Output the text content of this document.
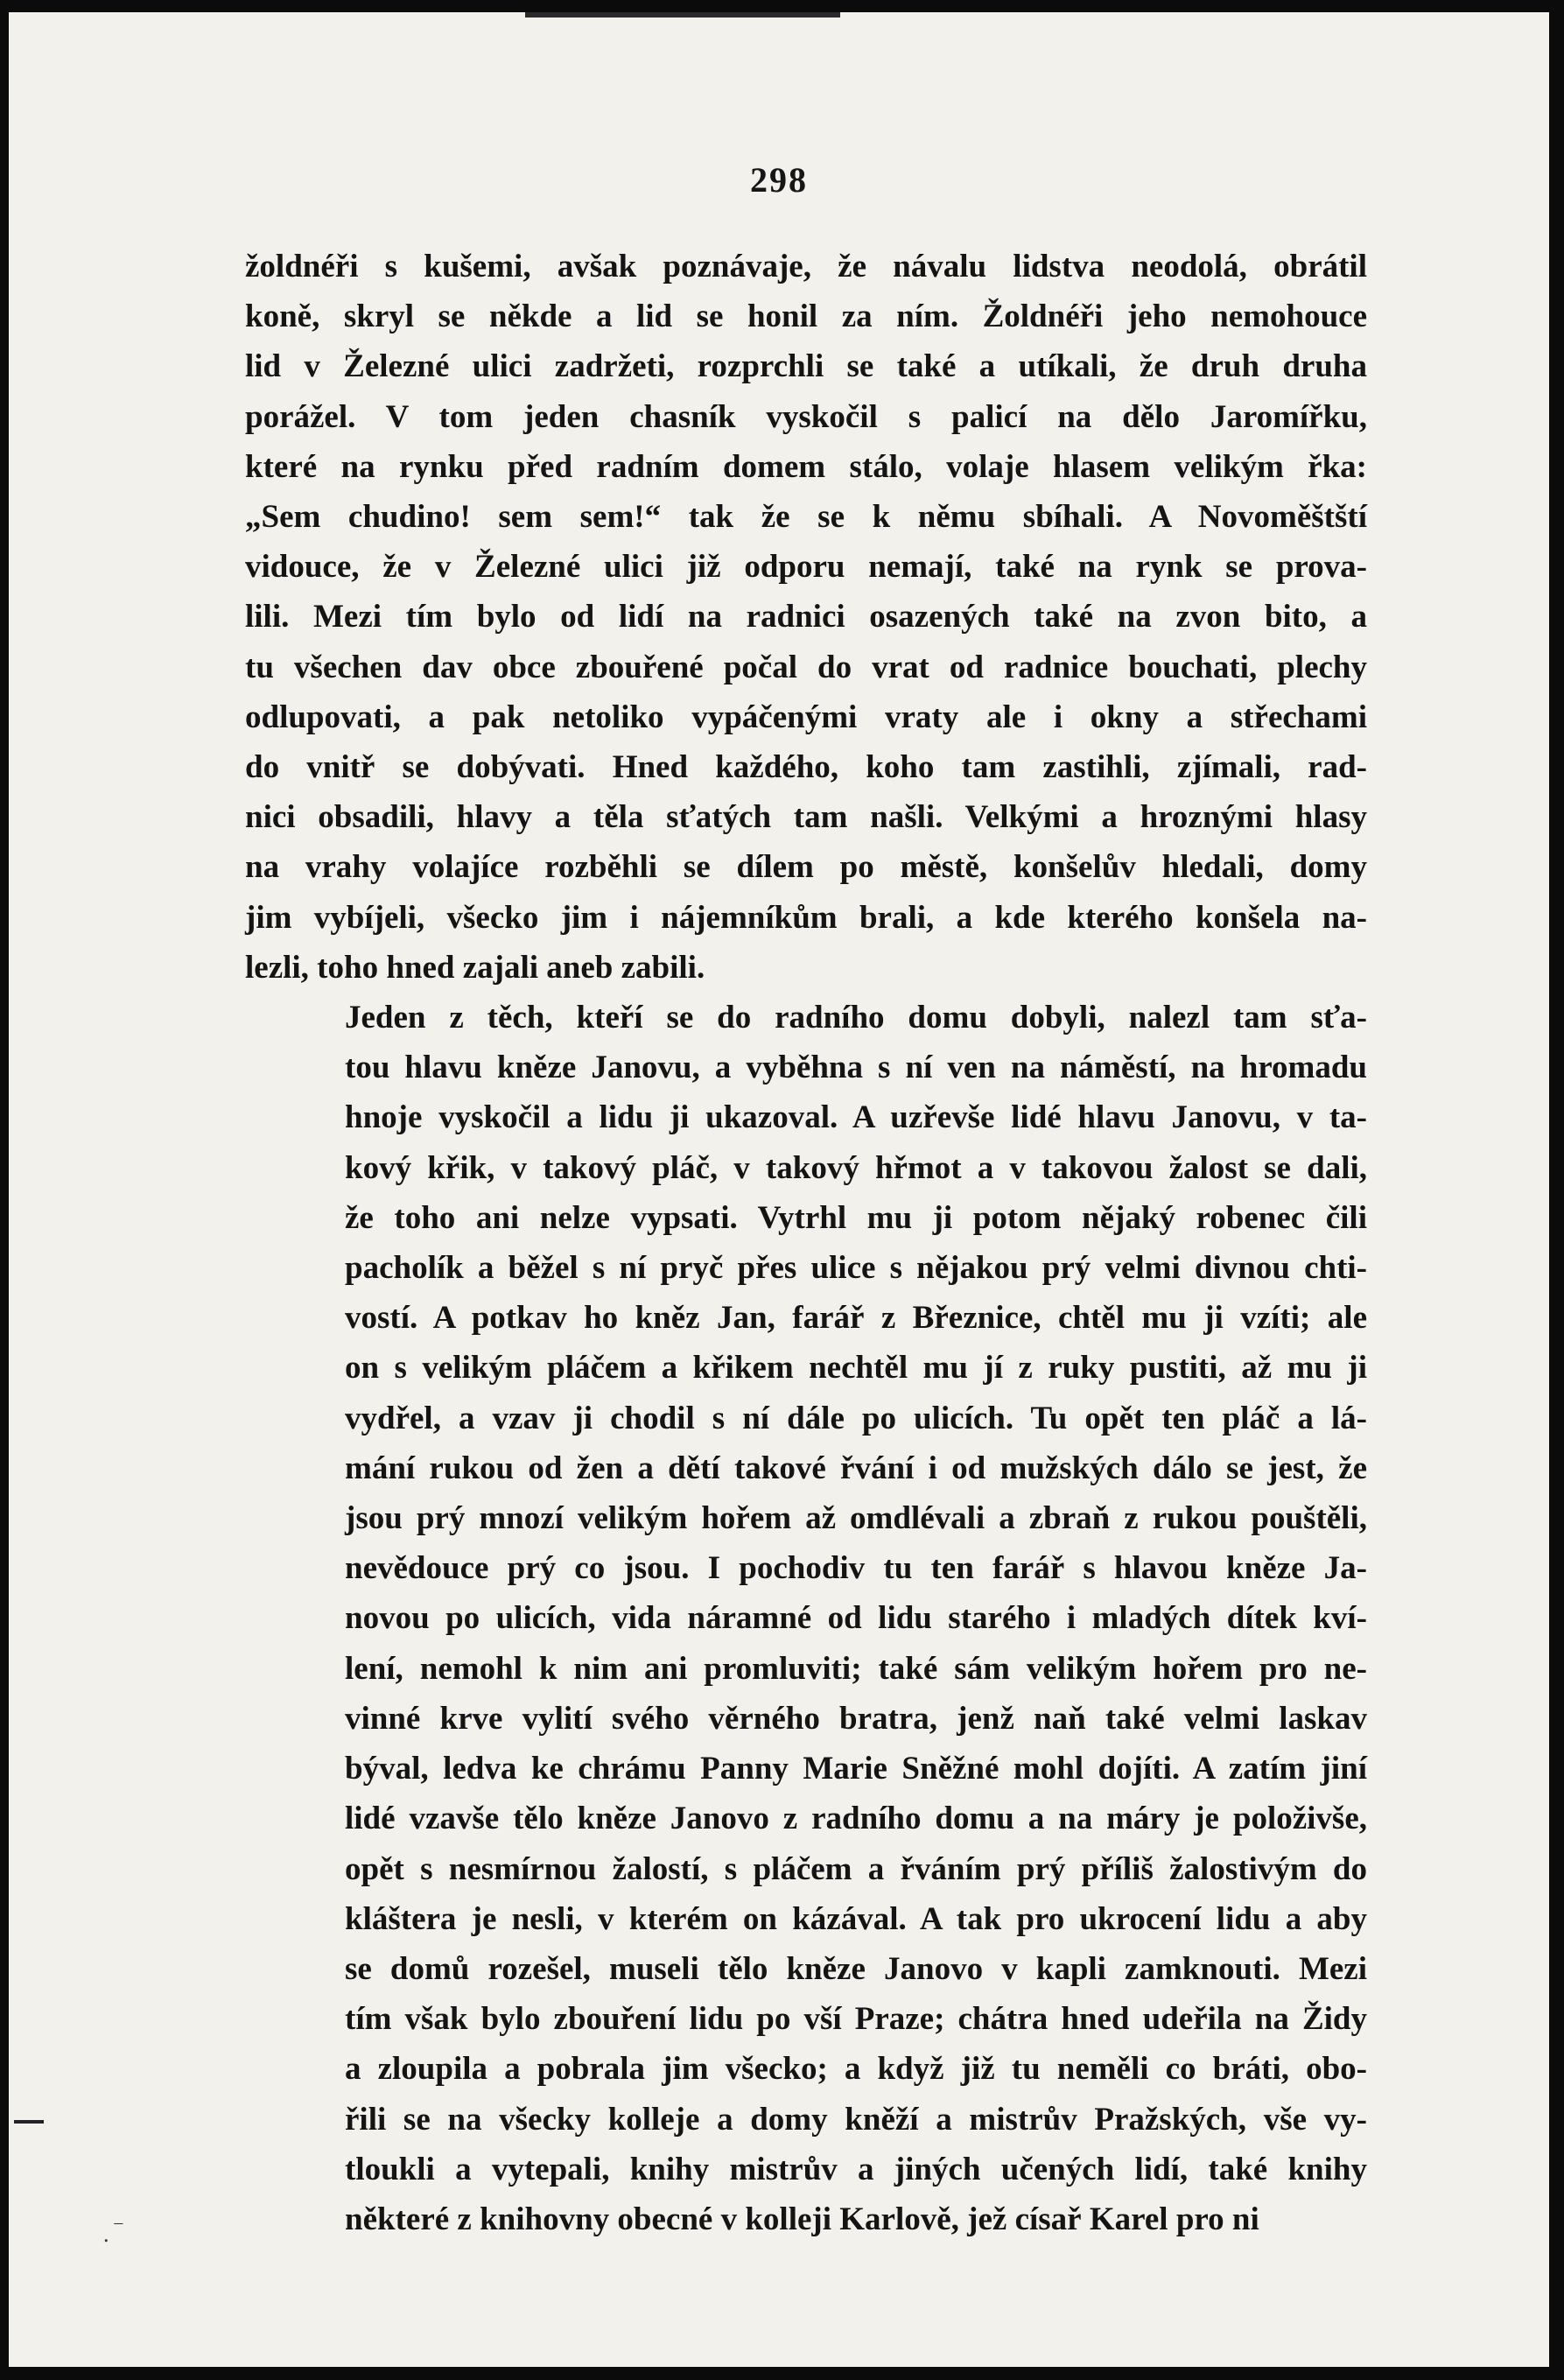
298

žoldnéři s kušemi, avšak poznávaje, že návalu lidstva neodolá, obrátil
koně, skryl se někde a lid se honil za ním. Žoldnéři jeho nemohouce
lid v Železné ulici zadržeti, rozprchli se také a utíkali, že druh druha
porážel. V tom jeden chasník vyskočil s palicí na dělo Jaromířku,
které na rynku před radním domem stálo, volaje hlasem velikým řka:
„Sem chudino! sem sem!“ tak že se k němu sbíhali. A Novoměštští
vidouce, že v Železné ulici již odporu nemají, také na rynk se prova-
lili. Mezi tím bylo od lidí na radnici osazených také na zvon bito, a
tu všechen dav obce zbouřené počal do vrat od radnice bouchati, plechy
odlupovati, a pak netoliko vypáčenými vraty ale i okny a střechami
do vnitř se dobývati. Hned každého, koho tam zastihli, zjímali, rad-
nici obsadili, hlavy a těla sťatých tam našli. Velkými a hroznými hlasy
na vrahy volajíce rozběhli se dílem po městě, konšelův hledali, domy
jim vybíjeli, všecko jim i nájemníkům brali, a kde kterého konšela na-
lezli, toho hned zajali aneb zabili.

Jeden z těch, kteří se do radního domu dobyli, nalezl tam sťa-
tou hlavu kněze Janovu, a vyběhna s ní ven na náměstí, na hromadu
hnoje vyskočil a lidu ji ukazoval. A uzřevše lidé hlavu Janovu, v ta-
kový křik, v takový pláč, v takový hřmot a v takovou žalost se dali,
že toho ani nelze vypsati. Vytrhl mu ji potom nějaký robenec čili
pacholík a běžel s ní pryč přes ulice s nějakou prý velmi divnou chti-
vostí. A potkav ho kněz Jan, farář z Březnice, chtěl mu ji vzíti; ale
on s velikým pláčem a křikem nechtěl mu jí z ruky pustiti, až mu ji
vydřel, a vzav ji chodil s ní dále po ulicích. Tu opět ten pláč a lá-
mání rukou od žen a dětí takové řvání i od mužských dálo se jest, že
jsou prý mnozí velikým hořem až omdlévali a zbraň z rukou pouštěli,
nevědouce prý co jsou. I pochodiv tu ten farář s hlavou kněze Ja-
novou po ulicích, vida náramné od lidu starého i mladých dítek kví-
lení, nemohl k nim ani promluviti; také sám velikým hořem pro ne-
vinné krve vylití svého věrného bratra, jenž naň také velmi laskav
býval, ledva ke chrámu Panny Marie Sněžné mohl dojíti. A zatím jiní
lidé vzavše tělo kněze Janovo z radního domu a na máry je položivše,
opět s nesmírnou žalostí, s pláčem a řváním prý příliš žalostivým do
kláštera je nesli, v kterém on kázával. A tak pro ukrocení lidu a aby
se domů rozešel, museli tělo kněze Janovo v kapli zamknouti. Mezi
tím však bylo zbouření lidu po vší Praze; chátra hned udeřila na Židy
a zloupila a pobrala jim všecko; a když již tu neměli co bráti, obo-
řili se na všecky kolleje a domy kněží a mistrův Pražských, vše vy-
tloukli a vytepali, knihy mistrův a jiných učených lidí, také knihy
některé z knihovny obecné v kolleji Karlově, jež císař Karel pro ni

. ‾
